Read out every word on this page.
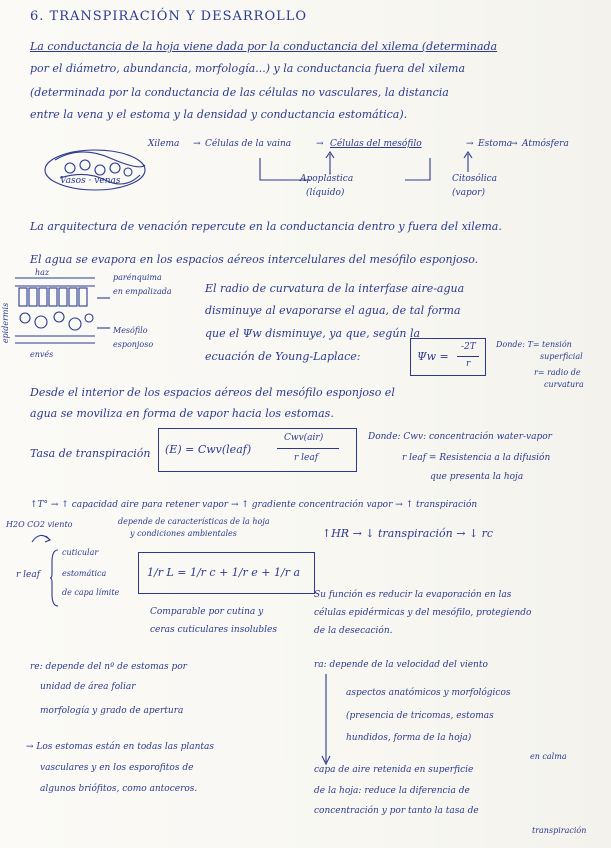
6. TRANSPIRACIÓN Y DESARROLLO
La conductancia de la hoja viene dada por la conductancia del xilema (determinada
por el diámetro, abundancia, morfología...) y la conductancia fuera del xilema
(determinada por la conductancia de las células no vasculares, la distancia
entre la vena y el estoma y la densidad y conductancia estomática).
Vasos · venas
Xilema → Células de la vaina	→ Células del mesófilo	→ Estoma
→ Atmósfera
Apoplástica
(líquido)
Citosólica
(vapor)
La arquitectura de venación repercute en la conductancia dentro y fuera del xilema.
El agua se evapora en los espacios aéreos intercelulares del mesófilo esponjoso.
haz
envés
epidermis
parénquima
en empalizada
Mesófilo
esponjoso
El radio de curvatura de la interfase aire-agua
disminuye al evaporarse el agua, de tal forma
que el Ψw disminuye, ya que, según la
ecuación de Young-Laplace:	Ψw =
-2T
r
Donde: T= tensión
superficial
r= radio de
curvatura
Desde el interior de los espacios aéreos del mesófilo esponjoso el
agua se moviliza en forma de vapor hacia los estomas.
Tasa de transpiración (E) = Cwv(leaf)
Cwv(air)
r leaf
Donde: Cwv: concentración water-vapor
r leaf = Resistencia a la difusión
que presenta la hoja
↑T° → ↑ capacidad aire para retener vapor → ↑ gradiente concentración vapor → ↑ transpiración
H2O CO2 viento	depende de características de la hoja
y condiciones ambientales	↑HR → ↓ transpiración → ↓ rc
r leaf
cuticular
estomática
de capa límite
1/r L = 1/r c + 1/r e + 1/r a
Comparable por cutina y
ceras cuticulares insolubles
Su función es reducir la evaporación en las
células epidérmicas y del mesófilo, protegiendo
de la desecación.
re: depende del nº de estomas por
unidad de área foliar
morfología y grado de apertura
→ Los estomas están en todas las plantas
vasculares y en los esporofitos de
algunos briófitos, como antoceros.
ra: depende de la velocidad del viento
aspectos anatómicos y morfológicos
(presencia de tricomas, estomas
hundidos, forma de la hoja)
en calma
capa de aire retenida en superficie
de la hoja: reduce la diferencia de
concentración y por tanto la tasa de
transpiración
